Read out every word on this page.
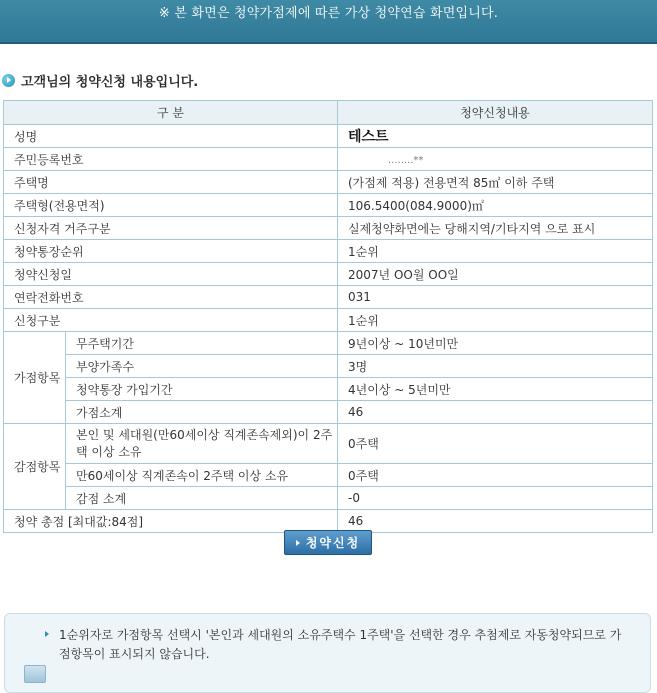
※ 본 화면은 청약가점제에 따른 가상 청약연습 화면입니다.
고객님의 청약신청 내용입니다.
구 분		청약신청내용
성명		테스트
주민등록번호		........**
주택명		(가점제 적용) 전용면적 85㎡ 이하 주택
주택형(전용면적)		106.5400(084.9000)㎡
신청자격 거주구분		실제청약화면에는 당해지역/기타지역 으로 표시
청약통장순위		1순위
청약신청일		2007년 OO월 OO일
연락전화번호		031
신청구분		1순위
가점항목	무주택기간	9년이상 ~ 10년미만
	부양가족수	3명
	청약통장 가입기간	4년이상 ~ 5년미만
	가점소계	46
감점항목	본인 및 세대원(만60세이상 직계존속제외)이 2주택 이상 소유	0주택
	만60세이상 직계존속이 2주택 이상 소유	0주택
	감점 소계	-0
청약 총점 [최대값:84점]		46
청약신청
1순위자로 가점항목 선택시 '본인과 세대원의 소유주택수 1주택'을 선택한 경우 추첨제로 자동청약되므로 가점항목이 표시되지 않습니다.
